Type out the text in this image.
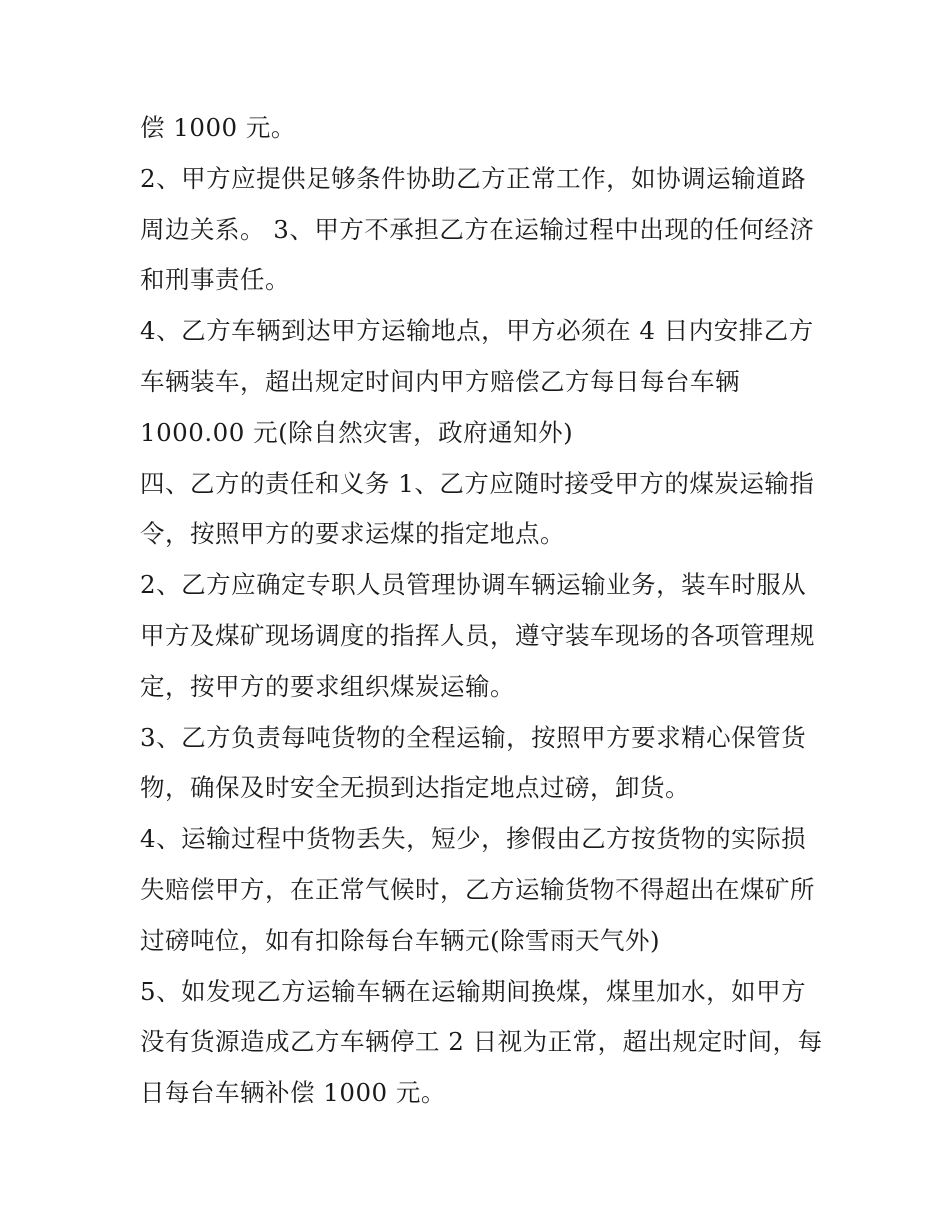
偿 1000 元。
2、甲方应提供足够条件协助乙方正常工作，如协调运输道路
周边关系。 3、甲方不承担乙方在运输过程中出现的任何经济
和刑事责任。
4、乙方车辆到达甲方运输地点，甲方必须在 4 日内安排乙方
车辆装车，超出规定时间内甲方赔偿乙方每日每台车辆
1000.00 元(除自然灾害，政府通知外)
四、乙方的责任和义务 1、乙方应随时接受甲方的煤炭运输指
令，按照甲方的要求运煤的指定地点。
2、乙方应确定专职人员管理协调车辆运输业务，装车时服从
甲方及煤矿现场调度的指挥人员，遵守装车现场的各项管理规
定，按甲方的要求组织煤炭运输。
3、乙方负责每吨货物的全程运输，按照甲方要求精心保管货
物，确保及时安全无损到达指定地点过磅，卸货。
4、运输过程中货物丢失，短少，掺假由乙方按货物的实际损
失赔偿甲方，在正常气候时，乙方运输货物不得超出在煤矿所
过磅吨位，如有扣除每台车辆元(除雪雨天气外)
5、如发现乙方运输车辆在运输期间换煤，煤里加水，如甲方
没有货源造成乙方车辆停工 2 日视为正常，超出规定时间，每
日每台车辆补偿 1000 元。
